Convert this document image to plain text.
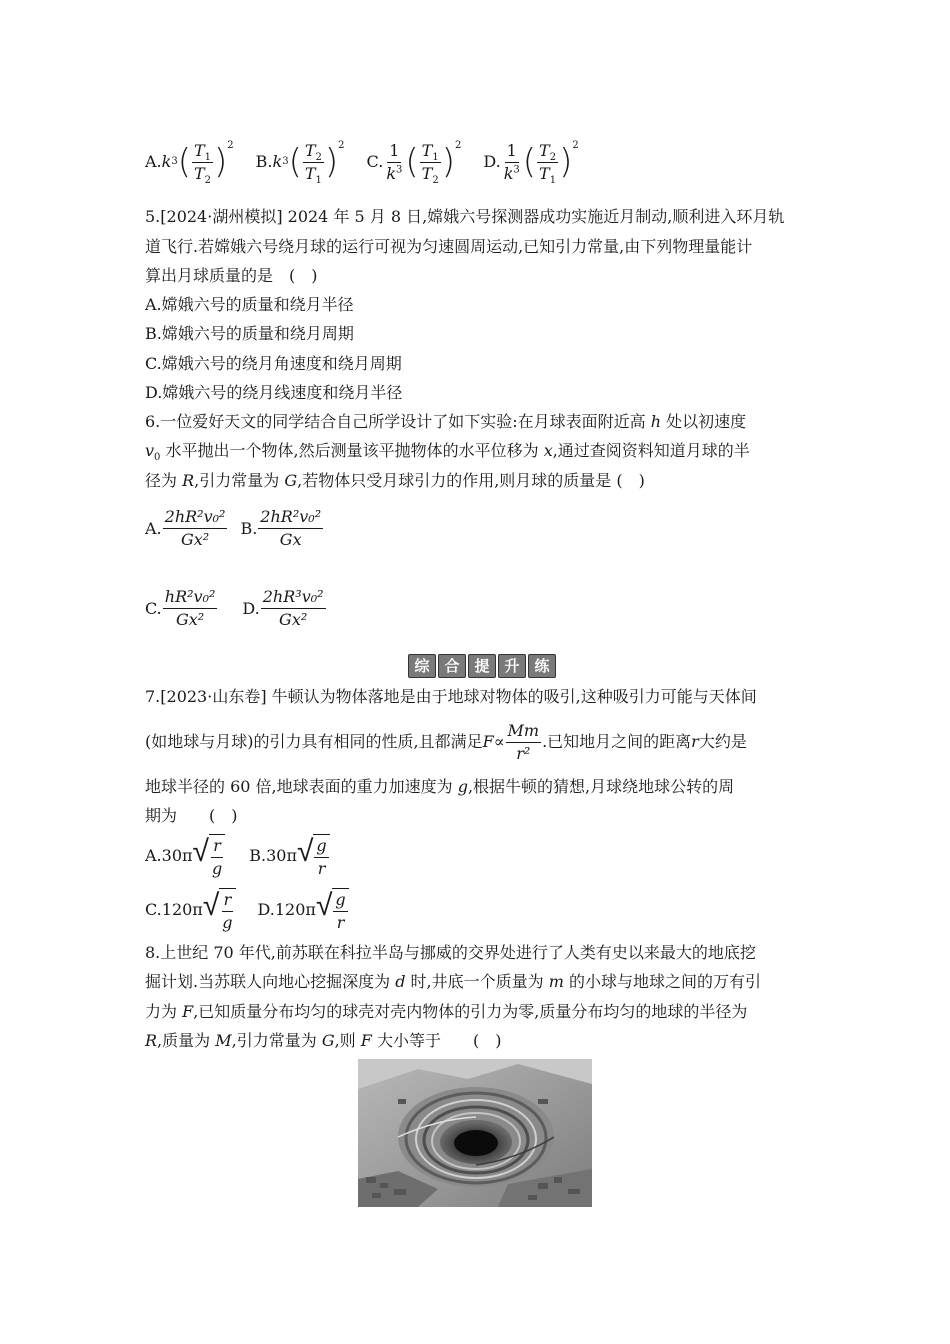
A. k 3 ( $\frac{T_1}{T_2}$ ) 2
B. k 3 ( $\frac{T_2}{T_1}$ ) 2
C. $\frac{1}{k^3}$ ( $\frac{T_1}{T_2}$ ) 2
D. $\frac{1}{k^3}$ ( $\frac{T_2}{T_1}$ ) 2
5.[2024·湖州模拟] 2024 年 5 月 8 日,嫦娥六号探测器成功实施近月制动,顺利进入环月轨
道飞行.若嫦娥六号绕月球的运行可视为匀速圆周运动,已知引力常量,由下列物理量能计
算出月球质量的是　(　)
A.嫦娥六号的质量和绕月半径
B.嫦娥六号的质量和绕月周期
C.嫦娥六号的绕月角速度和绕月周期
D.嫦娥六号的绕月线速度和绕月半径
6.一位爱好天文的同学结合自己所学设计了如下实验:在月球表面附近高 h 处以初速度
$v_0$ 水平抛出一个物体,然后测量该平抛物体的水平位移为 x,通过查阅资料知道月球的半
径为 R,引力常量为 G,若物体只受月球引力的作用,则月球的质量是 (　)
A. $\frac{\text{2hR²v₀²}}{\text{Gx²}} B$. $\frac{\text{2hR²v₀²}}{Gx}$
C. $\frac{\text{hR²v₀²}}{\text{Gx²}} D$. $\frac{\text{2hR³v₀²}}{\text{Gx²}}$
综 合 提 升 练
7.[2023·山东卷] 牛顿认为物体落地是由于地球对物体的吸引,这种吸引力可能与天体间
(如地球与月球)的引力具有相同的性质,且都满足 $F \propto \frac{Mm}{\text{r²}}$ .已知地月之间的距离 r 大约是
地球半径的 60 倍,地球表面的重力加速度为 g,根据牛顿的猜想,月球绕地球公转的周
期为　　(　)
A.30π √ $\frac{r}{g} B.30\pi$ √ $\frac{g}{r}$
C.120π √ $\frac{r}{g} D.120\pi$ √ $\frac{g}{r}$
8.上世纪 70 年代,前苏联在科拉半岛与挪威的交界处进行了人类有史以来最大的地底挖
掘计划.当苏联人向地心挖掘深度为 d 时,井底一个质量为 m 的小球与地球之间的万有引
力为 F,已知质量分布均匀的球壳对壳内物体的引力为零,质量分布均匀的地球的半径为
R,质量为 M,引力常量为 G,则 F 大小等于　　(　)
